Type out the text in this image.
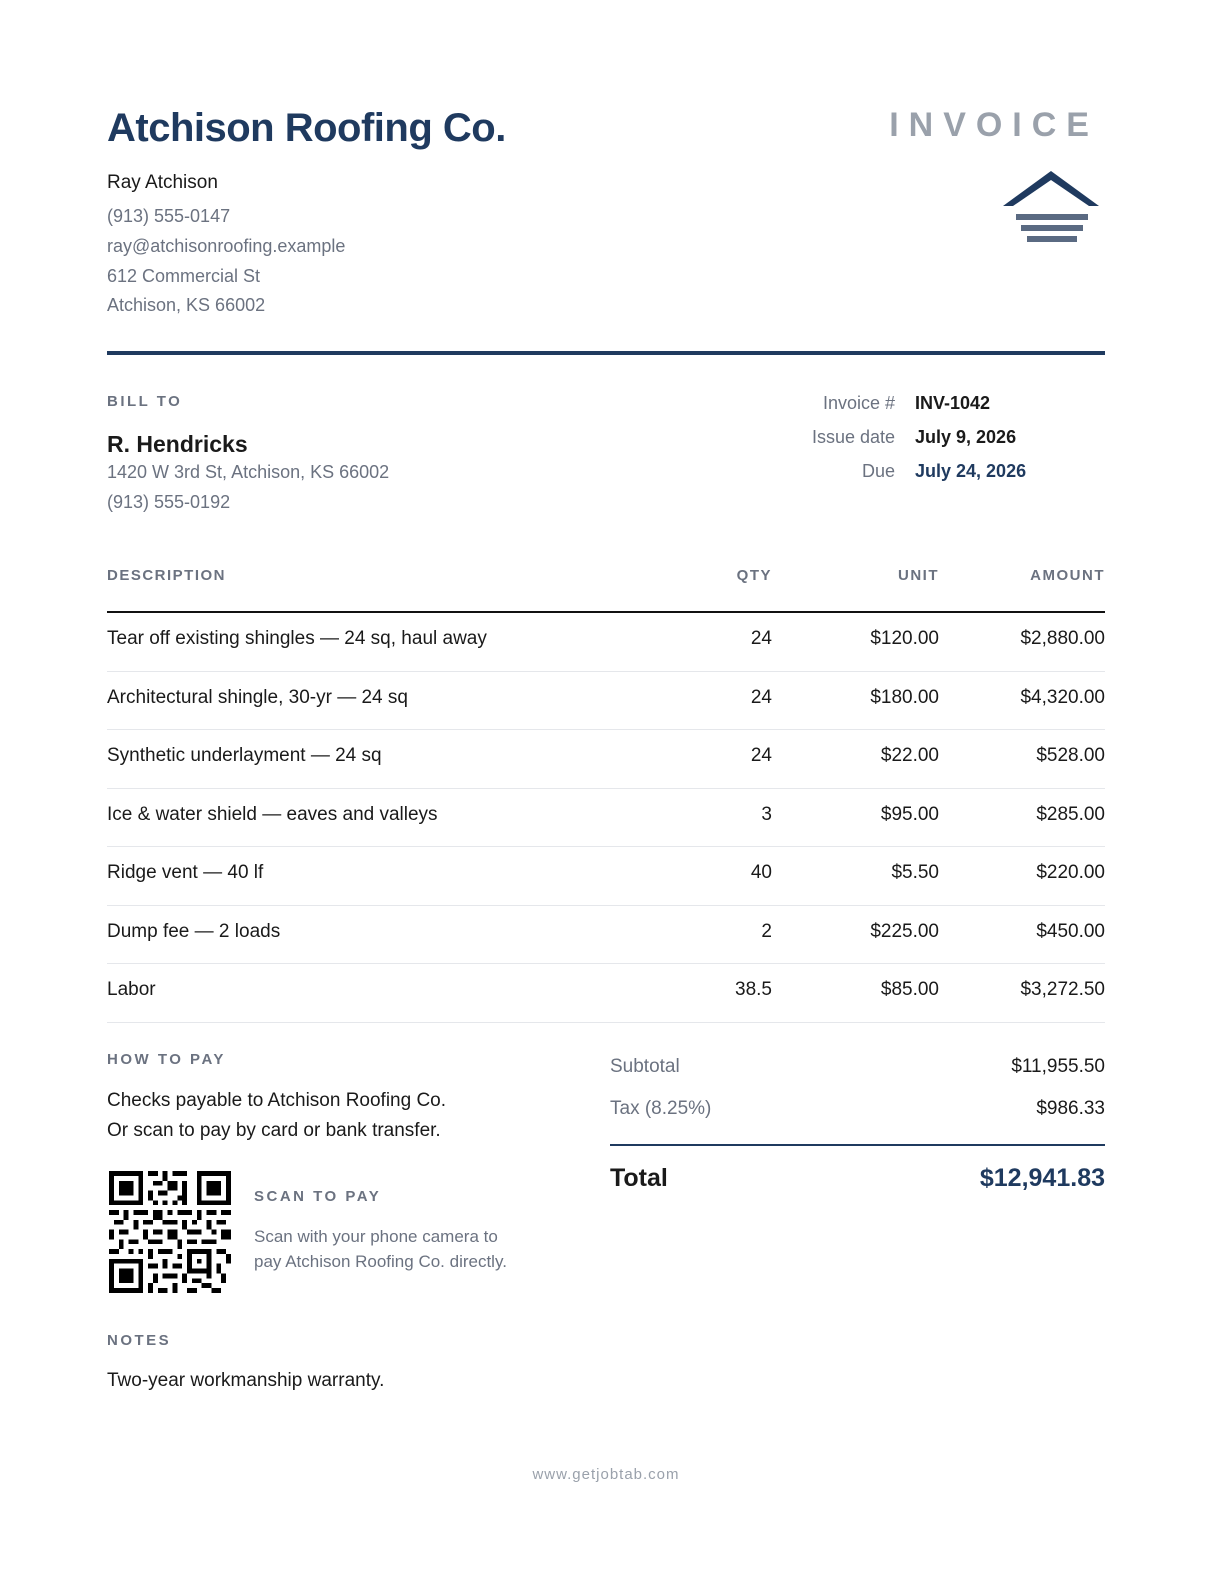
Atchison Roofing Co.
Ray Atchison
(913) 555-0147
ray@atchisonroofing.example
612 Commercial St
Atchison, KS 66002
INVOICE
BILL TO
R. Hendricks
1420 W 3rd St, Atchison, KS 66002
(913) 555-0192
Invoice # INV-1042
Issue date July 9, 2026
Due July 24, 2026
DESCRIPTION	QTY	UNIT	AMOUNT
Tear off existing shingles — 24 sq, haul away	24	$120.00	$2,880.00
Architectural shingle, 30-yr — 24 sq	24	$180.00	$4,320.00
Synthetic underlayment — 24 sq	24	$22.00	$528.00
Ice & water shield — eaves and valleys	3	$95.00	$285.00
Ridge vent — 40 lf	40	$5.50	$220.00
Dump fee — 2 loads	2	$225.00	$450.00
Labor	38.5	$85.00	$3,272.50
HOW TO PAY
Checks payable to Atchison Roofing Co.
Or scan to pay by card or bank transfer.
SCAN TO PAY
Scan with your phone camera to
pay Atchison Roofing Co. directly.
Subtotal	$11,955.50
Tax (8.25%)	$986.33
Total	$12,941.83
NOTES
Two-year workmanship warranty.
www.getjobtab.com
